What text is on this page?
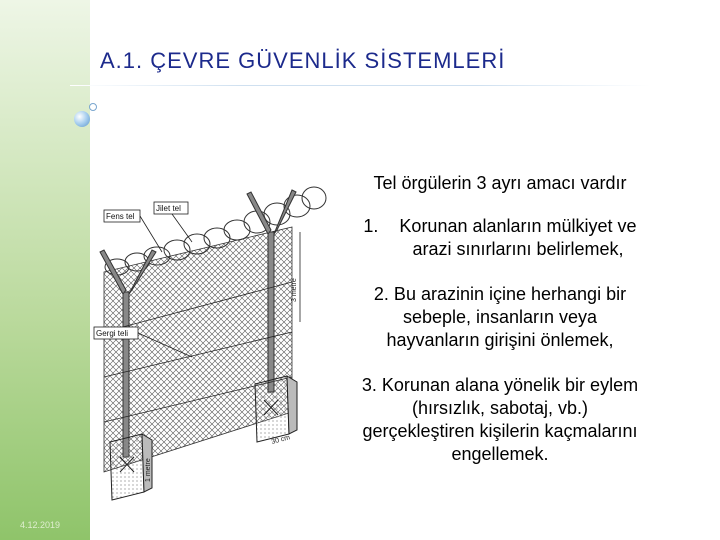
4.12.2019
A.1. ÇEVRE GÜVENLİK SİSTEMLERİ
3 metre
30 cm
1 metre
Fens tel
Jilet tel
Gergi teli

Tel örgülerin 3 ayrı amacı vardır

1.	Korunan alanların mülkiyet ve
arazi sınırlarını belirlemek,

2. Bu arazinin içine herhangi bir

sebeple, insanların veya

hayvanların girişini önlemek,

3. Korunan alana yönelik bir eylem

(hırsızlık, sabotaj, vb.)

gerçekleştiren kişilerin kaçmalarını

engellemek.
